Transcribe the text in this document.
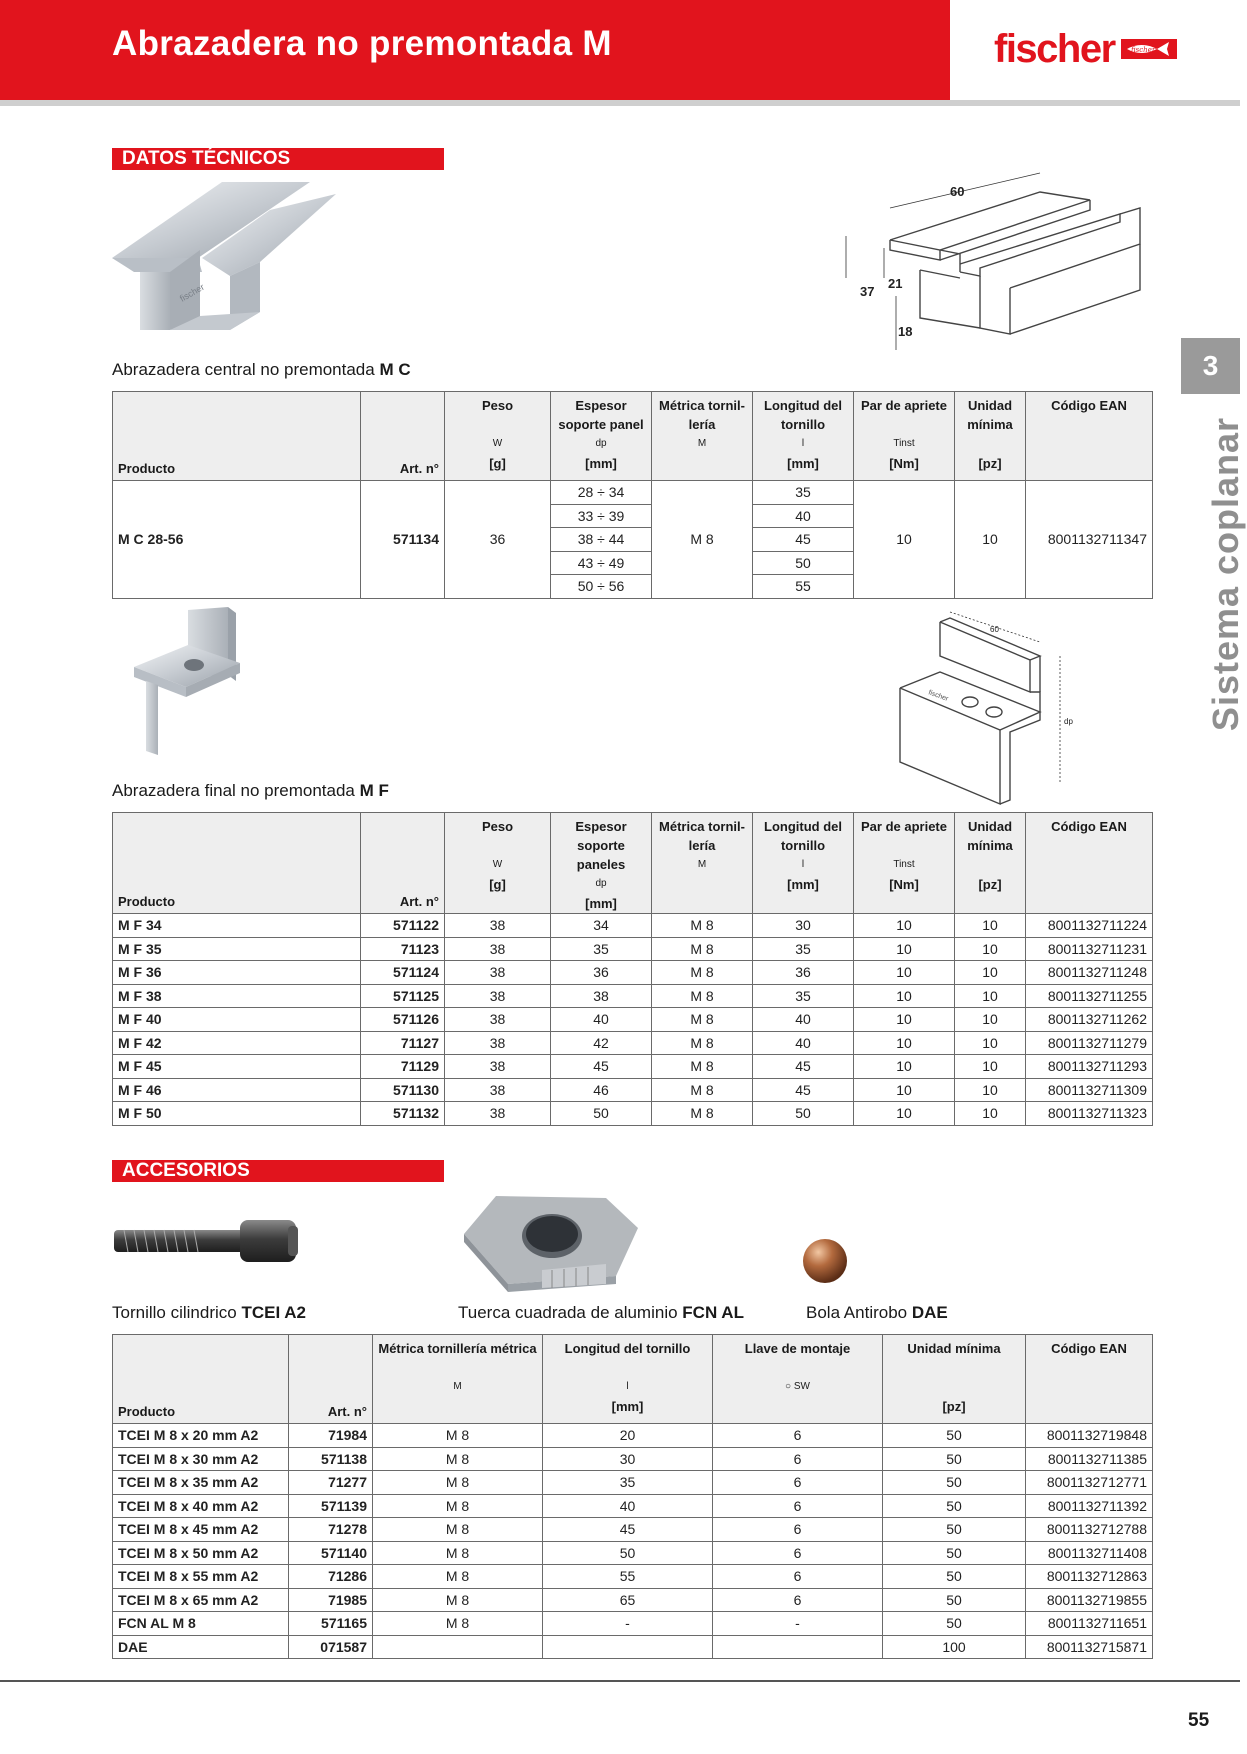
Abrazadera no premontada M	fischer fischer
3
Sistema coplanar
DATOS TÉCNICOS
fischer
60
37
21
18
Abrazadera central no premontada M C
Producto	Art. n°	Peso
W
[g]	Espesor soporte panel
dp
[mm]	Métrica tornil-lería
M	Longitud del tornillo
l
[mm]	Par de apriete
Tinst
[Nm]	Unidad mínima
[pz]	Código EAN

M C 28-56	571134	36	28 ÷ 34	M 8	35	10	10	8001132711347
			33 ÷ 39		40			
			38 ÷ 44		45			
			43 ÷ 49		50			
			50 ÷ 56		55			
60
dp
fischer
Abrazadera final no premontada M F
Producto	Art. n°	Peso
W
[g]	Espesor soporte paneles
dp
[mm]	Métrica tornil-lería
M	Longitud del tornillo
l
[mm]	Par de apriete
Tinst
[Nm]	Unidad mínima
[pz]	Código EAN

M F 34	571122	38	34	M 8	30	10	10	8001132711224
M F 35	71123	38	35	M 8	35	10	10	8001132711231
M F 36	571124	38	36	M 8	36	10	10	8001132711248
M F 38	571125	38	38	M 8	35	10	10	8001132711255
M F 40	571126	38	40	M 8	40	10	10	8001132711262
M F 42	71127	38	42	M 8	40	10	10	8001132711279
M F 45	71129	38	45	M 8	45	10	10	8001132711293
M F 46	571130	38	46	M 8	45	10	10	8001132711309
M F 50	571132	38	50	M 8	50	10	10	8001132711323
ACCESORIOS
Tornillo cilindrico TCEI A2	Tuerca cuadrada de aluminio FCN AL	Bola Antirobo DAE
Producto	Art. n°	Métrica tornillería métrica
M	Longitud del tornillo
l
[mm]	Llave de montaje
○ SW	Unidad mínima
[pz]	Código EAN

TCEI M 8 x 20 mm A2	71984	M 8	20	6	50	8001132719848
TCEI M 8 x 30 mm A2	571138	M 8	30	6	50	8001132711385
TCEI M 8 x 35 mm A2	71277	M 8	35	6	50	8001132712771
TCEI M 8 x 40 mm A2	571139	M 8	40	6	50	8001132711392
TCEI M 8 x 45 mm A2	71278	M 8	45	6	50	8001132712788
TCEI M 8 x 50 mm A2	571140	M 8	50	6	50	8001132711408
TCEI M 8 x 55 mm A2	71286	M 8	55	6	50	8001132712863
TCEI M 8 x 65 mm A2	71985	M 8	65	6	50	8001132719855
FCN AL M 8	571165	M 8	-	-	50	8001132711651
DAE	071587				100	8001132715871
55
